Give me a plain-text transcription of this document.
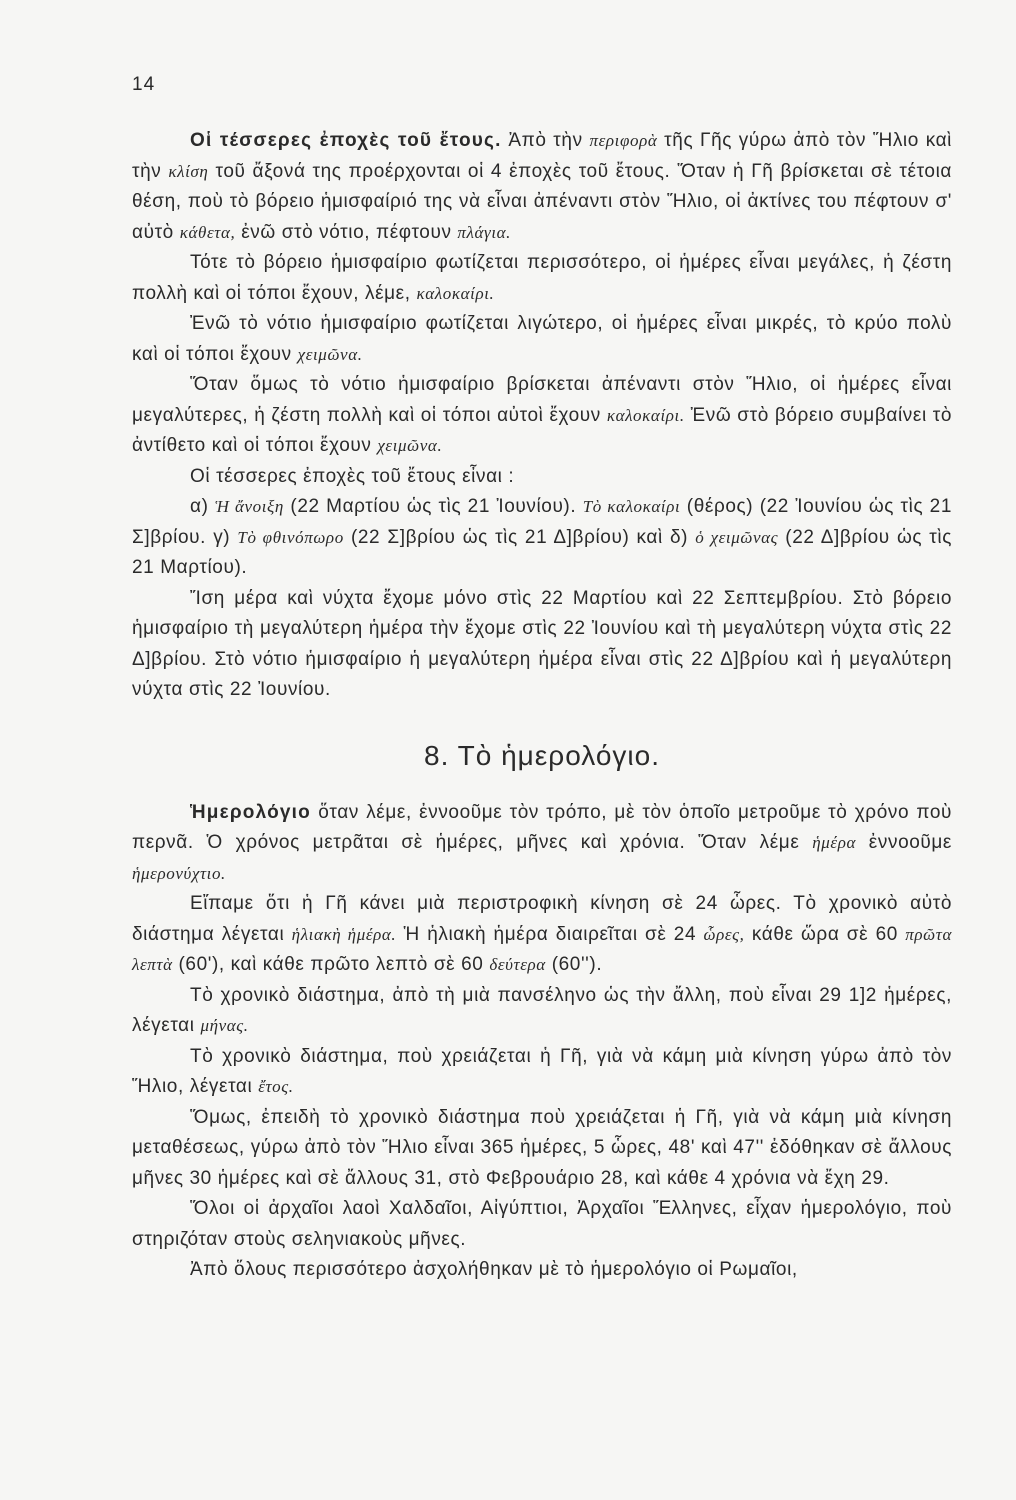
14

Οἱ τέσσερες ἐποχὲς τοῦ ἔτους. Ἀπὸ τὴν περιφορὰ τῆς Γῆς γύρω ἀπὸ τὸν Ἥλιο καὶ τὴν κλίση τοῦ ἄξονά της προέρχονται οἱ 4 ἐποχὲς τοῦ ἔτους. Ὅταν ἡ Γῆ βρίσκεται σὲ τέτοια θέση, ποὺ τὸ βόρειο ἡμισφαίριό της νὰ εἶναι ἀπέναντι στὸν Ἥλιο, οἱ ἀκτίνες του πέφτουν σ' αὐτὸ κάθετα, ἐνῶ στὸ νότιο, πέφτουν πλάγια.

Τότε τὸ βόρειο ἡμισφαίριο φωτίζεται περισσότερο, οἱ ἡμέρες εἶναι μεγάλες, ἡ ζέστη πολλὴ καὶ οἱ τόποι ἔχουν, λέμε, καλοκαίρι.

Ἐνῶ τὸ νότιο ἡμισφαίριο φωτίζεται λιγώτερο, οἱ ἡμέρες εἶναι μικρές, τὸ κρύο πολὺ καὶ οἱ τόποι ἔχουν χειμῶνα.

Ὅταν ὅμως τὸ νότιο ἡμισφαίριο βρίσκεται ἀπέναντι στὸν Ἥλιο, οἱ ἡμέρες εἶναι μεγαλύτερες, ἡ ζέστη πολλὴ καὶ οἱ τόποι αὐτοὶ ἔχουν καλοκαίρι. Ἐνῶ στὸ βόρειο συμβαίνει τὸ ἀντίθετο καὶ οἱ τόποι ἔχουν χειμῶνα.

Οἱ τέσσερες ἐποχὲς τοῦ ἔτους εἶναι :

α) Ἡ ἄνοιξη (22 Μαρτίου ὡς τὶς 21 Ἰουνίου). Τὸ καλοκαίρι (θέρος) (22 Ἰουνίου ὡς τὶς 21 Σ]βρίου. γ) Τὸ φθινόπωρο (22 Σ]βρίου ὡς τὶς 21 Δ]βρίου) καὶ δ) ὁ χειμῶνας (22 Δ]βρίου ὡς τὶς 21 Μαρτίου).

Ἴση μέρα καὶ νύχτα ἔχομε μόνο στὶς 22 Μαρτίου καὶ 22 Σεπτεμβρίου. Στὸ βόρειο ἡμισφαίριο τὴ μεγαλύτερη ἡμέρα τὴν ἔχομε στὶς 22 Ἰουνίου καὶ τὴ μεγαλύτερη νύχτα στὶς 22 Δ]βρίου. Στὸ νότιο ἡμισφαίριο ἡ μεγαλύτερη ἡμέρα εἶναι στὶς 22 Δ]βρίου καὶ ἡ μεγαλύτερη νύχτα στὶς 22 Ἰουνίου.

8. Τὸ ἡμερολόγιο.

Ἡμερολόγιο ὅταν λέμε, ἐννοοῦμε τὸν τρόπο, μὲ τὸν ὁποῖο μετροῦμε τὸ χρόνο ποὺ περνᾶ. Ὁ χρόνος μετρᾶται σὲ ἡμέρες, μῆνες καὶ χρόνια. Ὅταν λέμε ἡμέρα ἐννοοῦμε ἡμερονύχτιο.

Εἴπαμε ὅτι ἡ Γῆ κάνει μιὰ περιστροφικὴ κίνηση σὲ 24 ὧρες. Τὸ χρονικὸ αὐτὸ διάστημα λέγεται ἡλιακὴ ἡμέρα. Ἡ ἡλιακὴ ἡμέρα διαιρεῖται σὲ 24 ὧρες, κάθε ὥρα σὲ 60 πρῶτα λεπτὰ (60'), καὶ κάθε πρῶτο λεπτὸ σὲ 60 δεύτερα (60'').

Τὸ χρονικὸ διάστημα, ἀπὸ τὴ μιὰ πανσέληνο ὡς τὴν ἄλλη, ποὺ εἶναι 29 1]2 ἡμέρες, λέγεται μήνας.

Τὸ χρονικὸ διάστημα, ποὺ χρειάζεται ἡ Γῆ, γιὰ νὰ κάμη μιὰ κίνηση γύρω ἀπὸ τὸν Ἥλιο, λέγεται ἔτος.

Ὅμως, ἐπειδὴ τὸ χρονικὸ διάστημα ποὺ χρειάζεται ἡ Γῆ, γιὰ νὰ κάμη μιὰ κίνηση μεταθέσεως, γύρω ἀπὸ τὸν Ἥλιο εἶναι 365 ἡμέρες, 5 ὧρες, 48' καὶ 47'' ἐδόθηκαν σὲ ἄλλους μῆνες 30 ἡμέρες καὶ σὲ ἄλλους 31, στὸ Φεβρουάριο 28, καὶ κάθε 4 χρόνια νὰ ἔχη 29.

Ὅλοι οἱ ἀρχαῖοι λαοὶ Χαλδαῖοι, Αἰγύπτιοι, Ἀρχαῖοι Ἕλληνες, εἶχαν ἡμερολόγιο, ποὺ στηριζόταν στοὺς σεληνιακοὺς μῆνες.

Ἀπὸ ὅλους περισσότερο ἀσχολήθηκαν μὲ τὸ ἡμερολόγιο οἱ Ρωμαῖοι,
